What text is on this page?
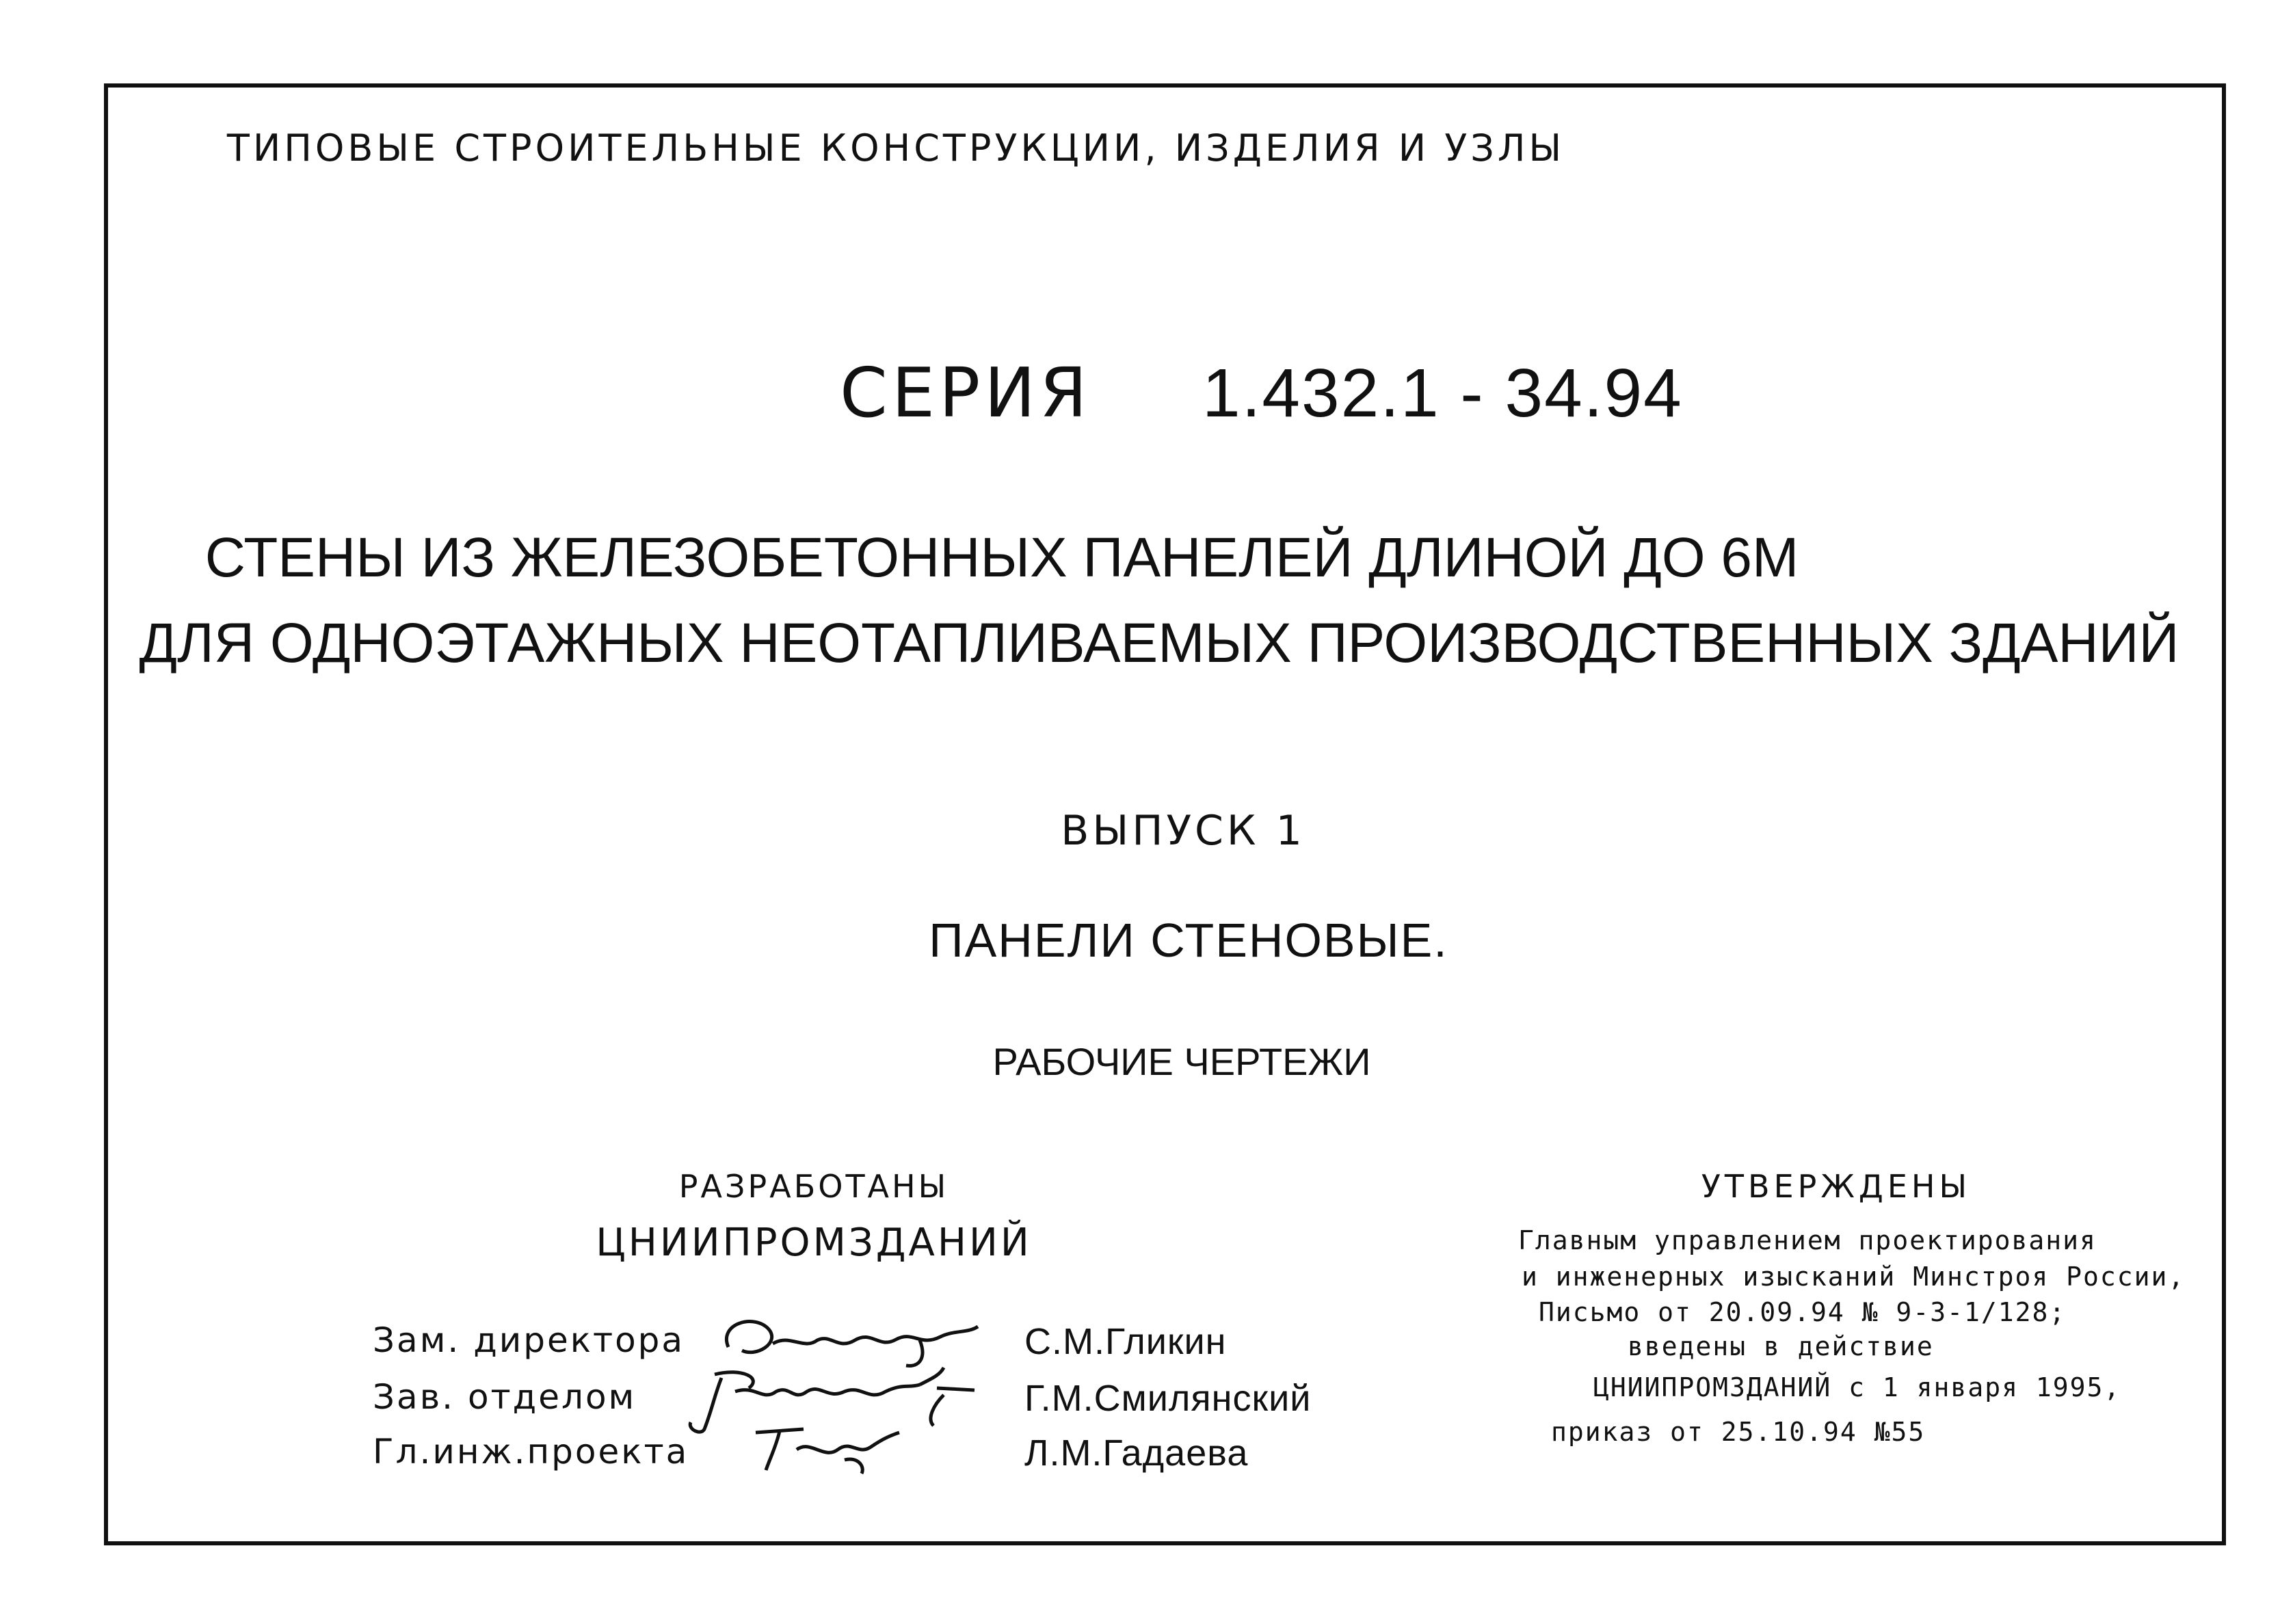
ТИПОВЫЕ СТРОИТЕЛЬНЫЕ КОНСТРУКЦИИ, ИЗДЕЛИЯ И УЗЛЫ

СЕРИЯ 1.432.1 - 34.94

СТЕНЫ ИЗ ЖЕЛЕЗОБЕТОННЫХ ПАНЕЛЕЙ ДЛИНОЙ ДО 6М

ДЛЯ ОДНОЭТАЖНЫХ НЕОТАПЛИВАЕМЫХ ПРОИЗВОДСТВЕННЫХ ЗДАНИЙ

ВЫПУСК 1

ПАНЕЛИ СТЕНОВЫЕ.

РАБОЧИЕ ЧЕРТЕЖИ

РАЗРАБОТАНЫ

ЦНИИПРОМЗДАНИЙ

Зам. директора

Зав. отделом

Гл.инж.проекта

С.М.Гликин

Г.М.Смилянский

Л.М.Гадаева

УТВЕРЖДЕНЫ

Главным управлением проектирования

и инженерных изысканий Минстроя России,

Письмо от 20.09.94 № 9-3-1/128;

введены в действие

ЦНИИПРОМЗДАНИЙ с 1 января 1995,

приказ от 25.10.94 №55
